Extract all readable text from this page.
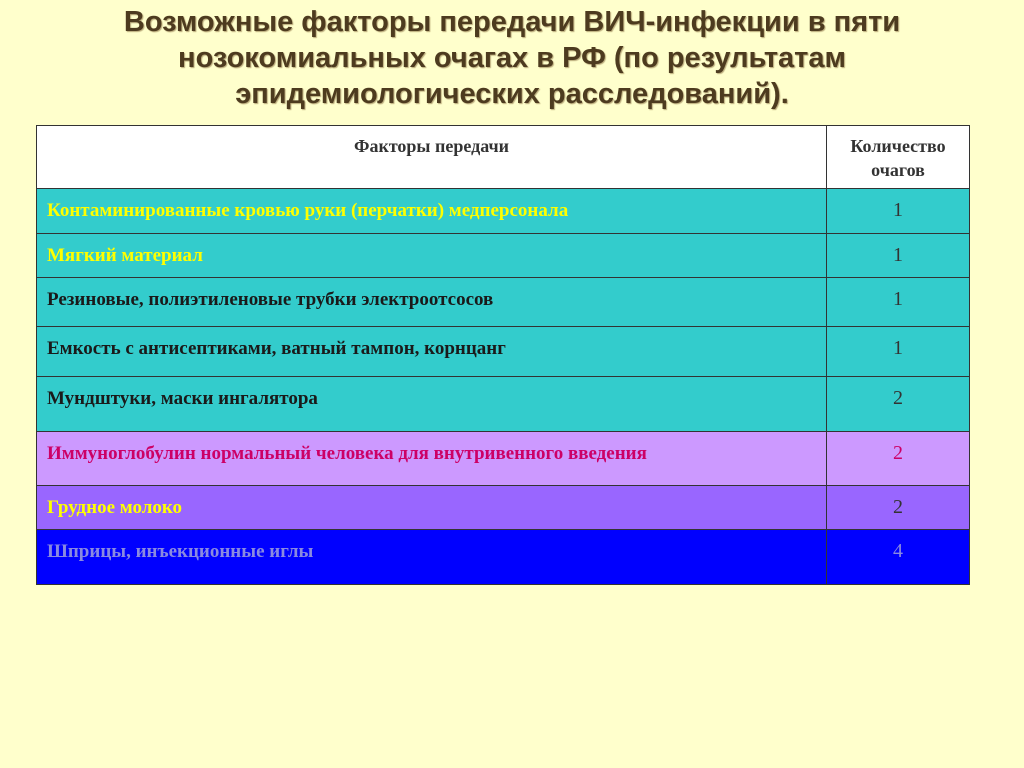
Возможные факторы передачи ВИЧ-инфекции в пяти
нозокомиальных очагах в РФ (по результатам
эпидемиологических расследований).
Факторы передачи	Количество очагов
Контаминированные кровью руки (перчатки) медперсонала	1
Мягкий материал	1
Резиновые, полиэтиленовые трубки электроотсосов	1
Емкость с антисептиками, ватный тампон, корнцанг	1
Мундштуки, маски ингалятора	2
Иммуноглобулин нормальный человека для внутривенного введения	2
Грудное молоко	2
Шприцы, инъекционные иглы	4
